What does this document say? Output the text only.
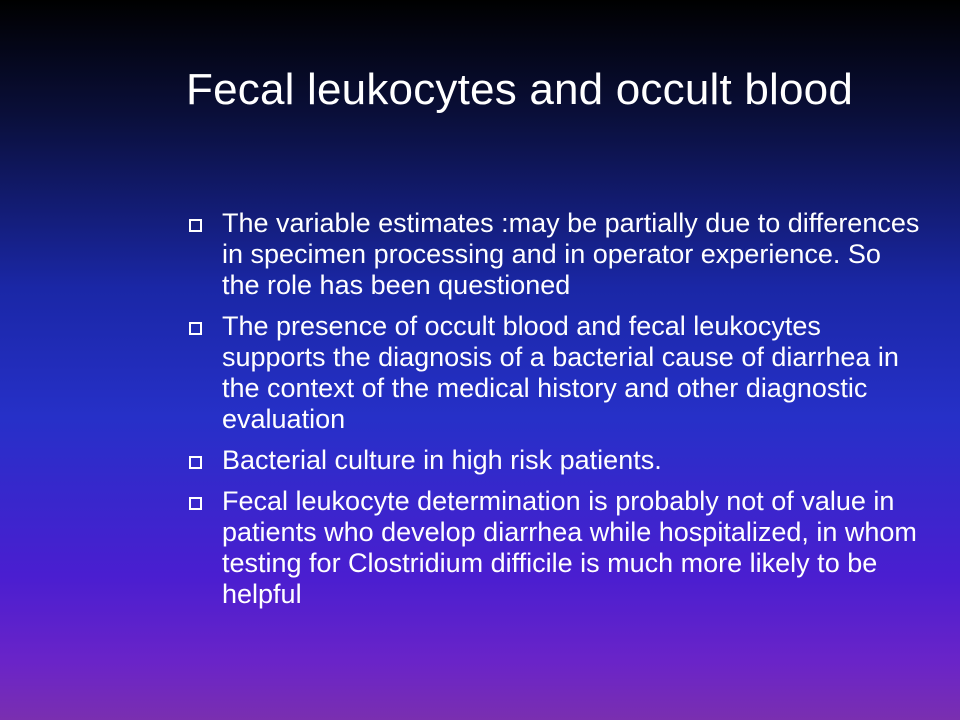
Fecal leukocytes and occult blood
The variable estimates :may be partially due to differences in specimen processing and in operator experience. So the role has been questioned
The presence of occult blood and fecal leukocytes supports the diagnosis of a bacterial cause of diarrhea in the context of the medical history and other diagnostic evaluation
Bacterial culture in high risk patients.
Fecal leukocyte determination is probably not of value in patients who develop diarrhea while hospitalized, in whom testing for Clostridium difficile is much more likely to be helpful
